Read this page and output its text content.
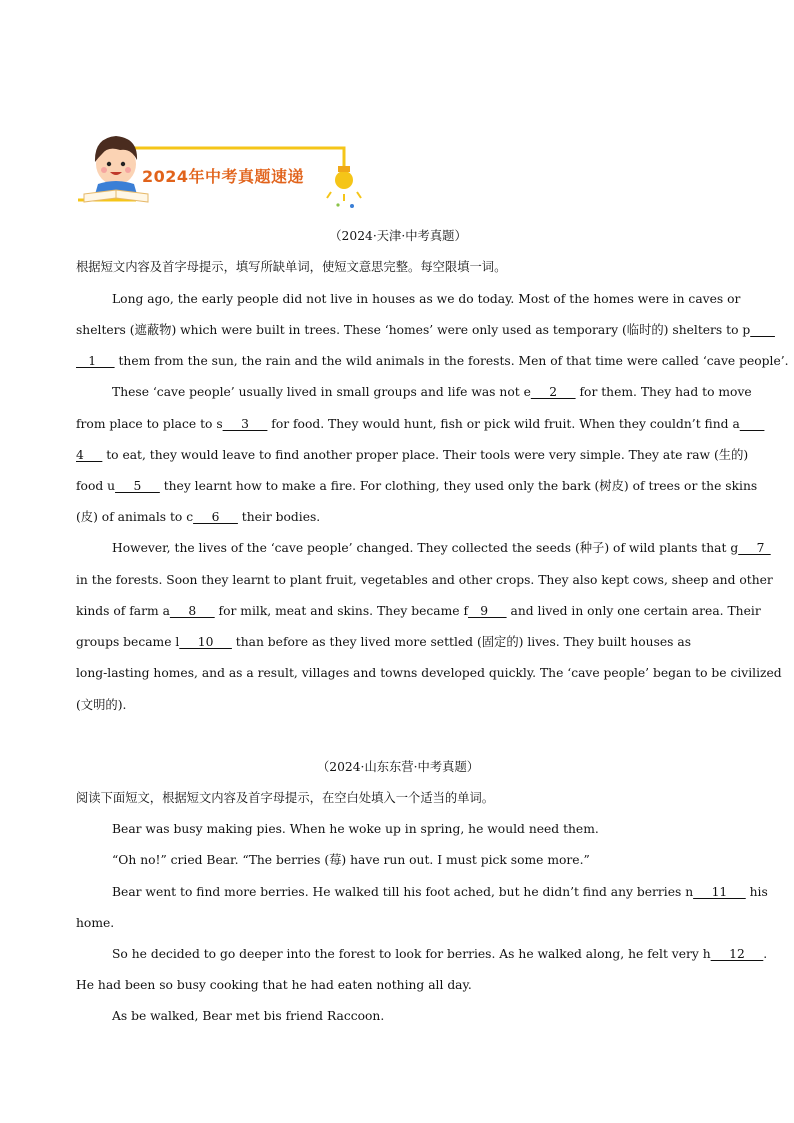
2024年中考真题速递
（2024·天津·中考真题）
根据短文内容及首字母提示，填写所缺单词，使短文意思完整。每空限填一词。
Long ago, the early people did not live in houses as we do today. Most of the homes were in caves or
shelters (遮蔽物) which were built in trees. These ‘homes’ were only used as temporary (临时的) shelters to p____
__1___ them from the sun, the rain and the wild animals in the forests. Men of that time were called ‘cave people’.
These ‘cave people’ usually lived in small groups and life was not e___2___ for them. They had to move
from place to place to s___3___ for food. They would hunt, fish or pick wild fruit. When they couldn’t find a____
4___ to eat, they would leave to find another proper place. Their tools were very simple. They ate raw (生的)
food u___5___ they learnt how to make a fire. For clothing, they used only the bark (树皮) of trees or the skins
(皮) of animals to c___6___ their bodies.
However, the lives of the ‘cave people’ changed. They collected the seeds (种子) of wild plants that g___7_
in the forests. Soon they learnt to plant fruit, vegetables and other crops. They also kept cows, sheep and other
kinds of farm a___8___ for milk, meat and skins. They became f__9___ and lived in only one certain area. Their
groups became l___10___ than before as they lived more settled (固定的) lives. They built houses as
long-lasting homes, and as a result, villages and towns developed quickly. The ‘cave people’ began to be civilized
(文明的).
（2024·山东东营·中考真题）
阅读下面短文，根据短文内容及首字母提示，在空白处填入一个适当的单词。
Bear was busy making pies. When he woke up in spring, he would need them.
“Oh no!” cried Bear. “The berries (莓) have run out. I must pick some more.”
Bear went to find more berries. He walked till his foot ached, but he didn’t find any berries n___11___ his
home.
So he decided to go deeper into the forest to look for berries. As he walked along, he felt very h___12___.
He had been so busy cooking that he had eaten nothing all day.
As be walked, Bear met bis friend Raccoon.
